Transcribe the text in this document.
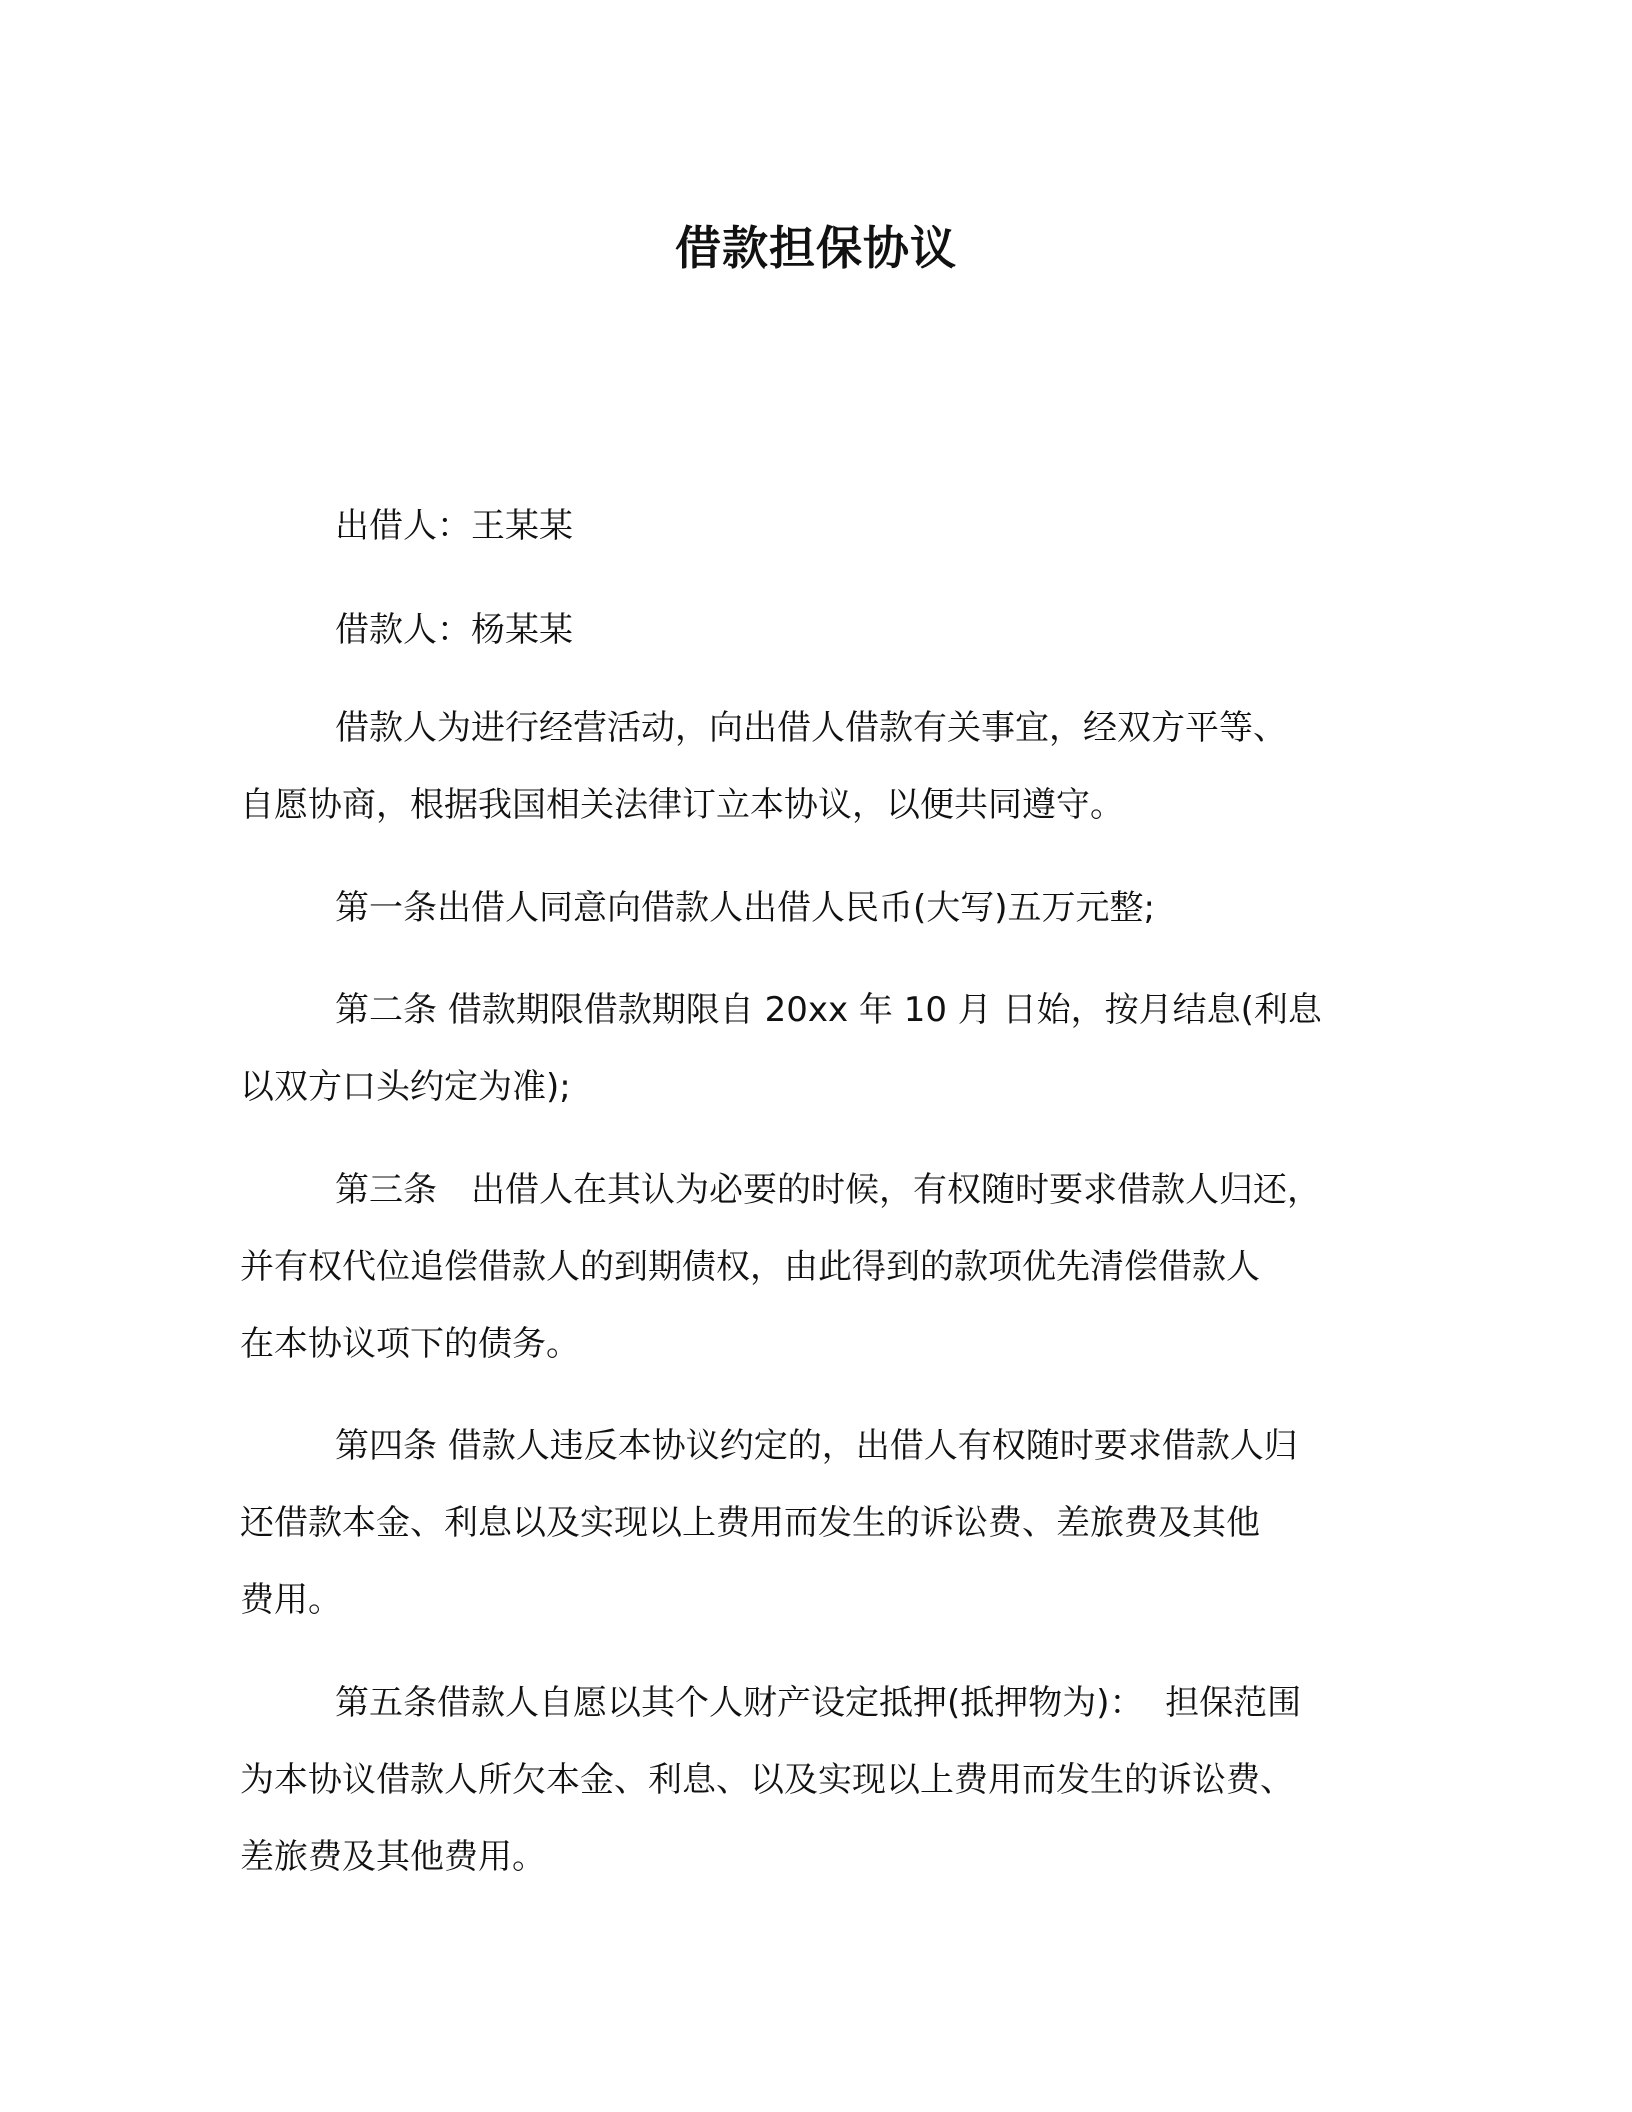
借款担保协议

出借人：王某某

借款人：杨某某

借款人为进行经营活动，向出借人借款有关事宜，经双方平等、

自愿协商，根据我国相关法律订立本协议，以便共同遵守。

第一条出借人同意向借款人出借人民币(大写)五万元整;

第二条 借款期限借款期限自 20xx 年 10 月 日始，按月结息(利息

以双方口头约定为准);

第三条　出借人在其认为必要的时候，有权随时要求借款人归还，

并有权代位追偿借款人的到期债权，由此得到的款项优先清偿借款人

在本协议项下的债务。

第四条 借款人违反本协议约定的，出借人有权随时要求借款人归

还借款本金、利息以及实现以上费用而发生的诉讼费、差旅费及其他

费用。

第五条借款人自愿以其个人财产设定抵押(抵押物为)：  担保范围

为本协议借款人所欠本金、利息、以及实现以上费用而发生的诉讼费、

差旅费及其他费用。
